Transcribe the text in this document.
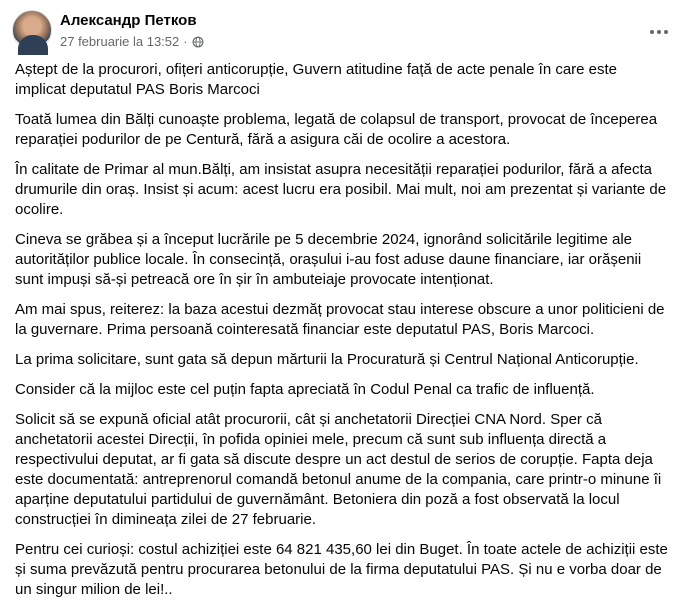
Александр Петков
27 februarie la 13:52 ·

Aștept de la procurori, ofițeri anticorupție, Guvern atitudine față de acte penale în care este implicat deputatul PAS Boris Marcoci

Toată lumea din Bălți cunoaște problema, legată de colapsul de transport, provocat de începerea reparației podurilor de pe Centură, fără a asigura căi de ocolire a acestora.

În calitate de Primar al mun.Bălți, am insistat asupra necesității reparației podurilor, fără a afecta drumurile din oraș. Insist și acum: acest lucru era posibil. Mai mult, noi am prezentat și variante de ocolire.

Cineva se grăbea și a început lucrările pe 5 decembrie 2024, ignorând solicitările legitime ale autorităților publice locale. În consecință, orașului i-au fost aduse daune financiare, iar orășenii sunt impuși să-și petreacă ore în șir în ambuteiaje provocate intenționat.

Am mai spus, reiterez: la baza acestui dezmăț provocat stau interese obscure a unor politicieni de la guvernare. Prima persoană cointeresată financiar este deputatul PAS, Boris Marcoci.

La prima solicitare, sunt gata să depun mărturii la Procuratură și Centrul Național Anticorupție.

Consider că la mijloc este cel puțin fapta apreciată în Codul Penal ca trafic de influență.

Solicit să se expună oficial atât procurorii, cât și anchetatorii Direcției CNA Nord. Sper că anchetatorii acestei Direcții, în pofida opiniei mele, precum că sunt sub influența directă a respectivului deputat, ar fi gata să discute despre un act destul de serios de corupție. Fapta deja este documentată: antreprenorul comandă betonul anume de la compania, care printr-o minune îi aparține deputatului partidului de guvernământ. Betoniera din poză a fost observată la locul construcției în dimineața zilei de 27 februarie.

Pentru cei curioși: costul achiziției este 64 821 435,60 lei din Buget. În toate actele de achiziții este și suma prevăzută pentru procurarea betonului de la firma deputatului PAS. Și nu e vorba doar de un singur milion de lei!..
